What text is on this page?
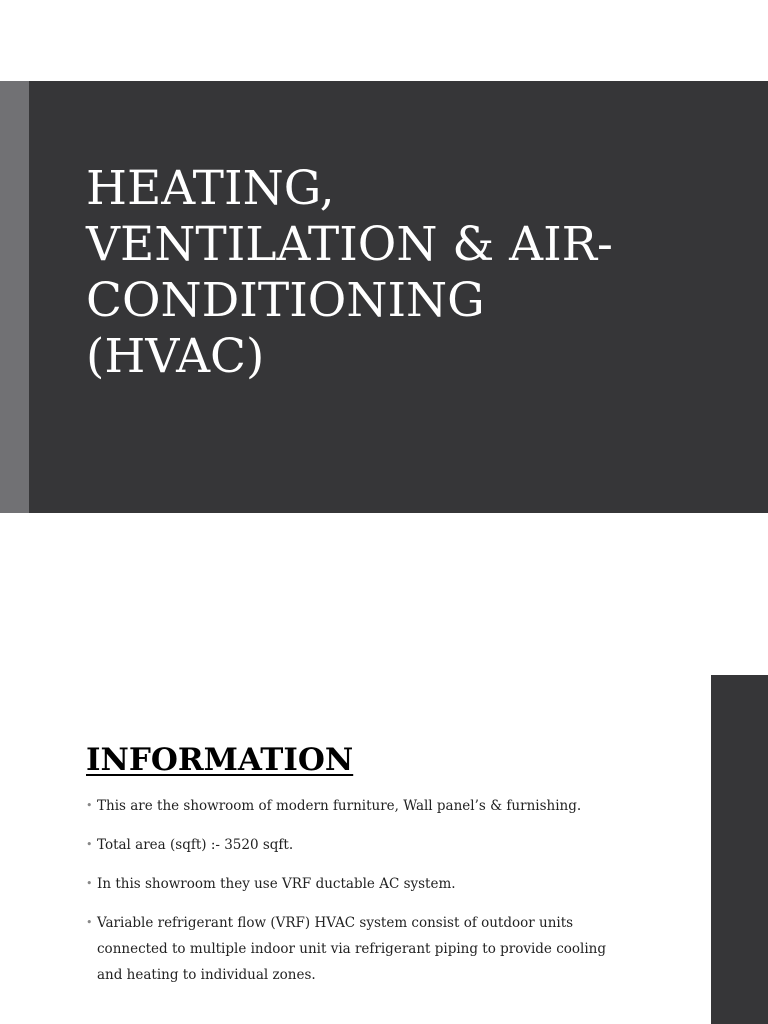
HEATING,
VENTILATION & AIR-
CONDITIONING
(HVAC)
INFORMATION
• This are the showroom of modern furniture, Wall panel’s & furnishing.
• Total area (sqft) :- 3520 sqft.
• In this showroom they use VRF ductable AC system.
• Variable refrigerant flow (VRF) HVAC system consist of outdoor units connected to multiple indoor unit via refrigerant piping to provide cooling and heating to individual zones.
